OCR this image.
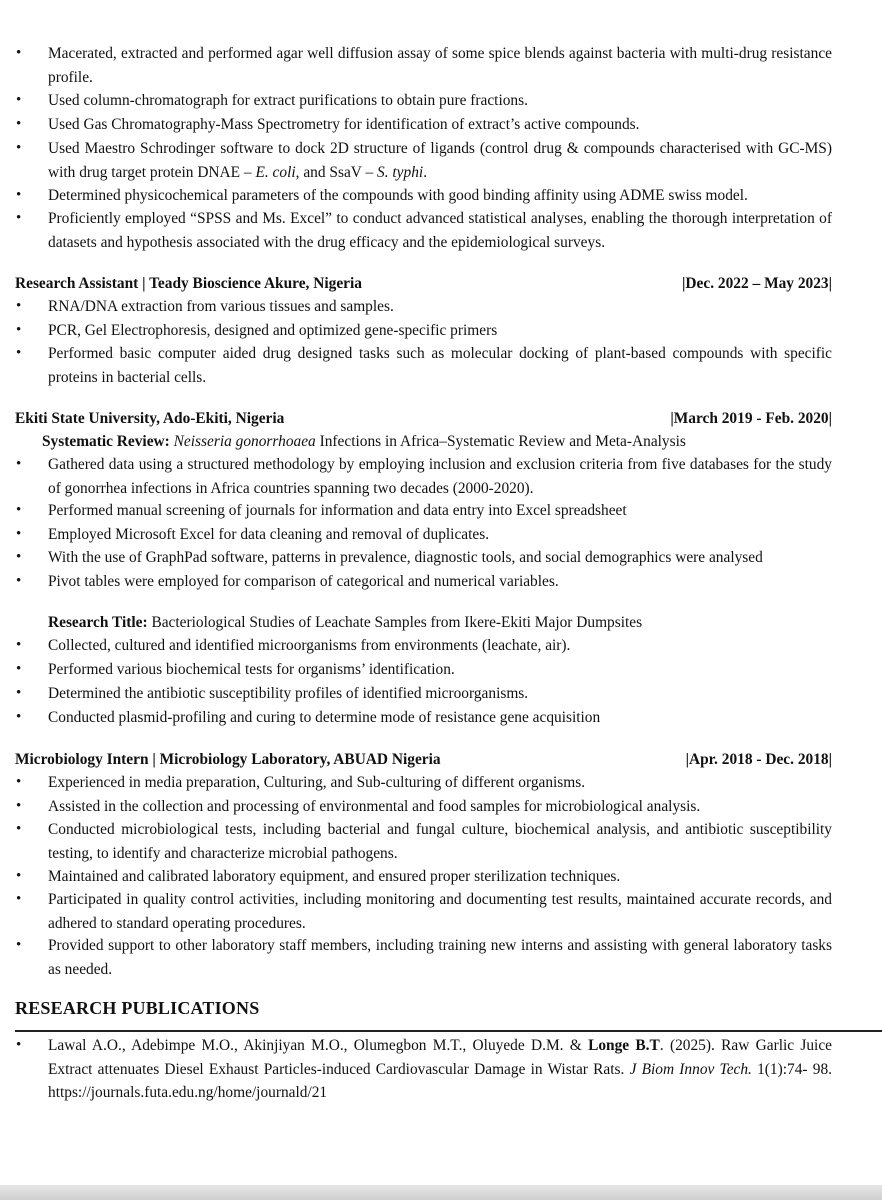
• Macerated, extracted and performed agar well diffusion assay of some spice blends against bacteria with multi-drug resistance profile.
• Used column-chromatograph for extract purifications to obtain pure fractions.
• Used Gas Chromatography-Mass Spectrometry for identification of extract’s active compounds.
• Used Maestro Schrodinger software to dock 2D structure of ligands (control drug & compounds characterised with GC-MS) with drug target protein DNAE – E. coli, and SsaV – S. typhi.
• Determined physicochemical parameters of the compounds with good binding affinity using ADME swiss model.
• Proficiently employed “SPSS and Ms. Excel” to conduct advanced statistical analyses, enabling the thorough interpretation of datasets and hypothesis associated with the drug efficacy and the epidemiological surveys.
Research Assistant | Teady Bioscience Akure, Nigeria	|Dec. 2022 – May 2023|
• RNA/DNA extraction from various tissues and samples.
• PCR, Gel Electrophoresis, designed and optimized gene-specific primers
• Performed basic computer aided drug designed tasks such as molecular docking of plant-based compounds with specific proteins in bacterial cells.
Ekiti State University, Ado-Ekiti, Nigeria	|March 2019 - Feb. 2020|
Systematic Review: Neisseria gonorrhoaea Infections in Africa–Systematic Review and Meta-Analysis
• Gathered data using a structured methodology by employing inclusion and exclusion criteria from five databases for the study of gonorrhea infections in Africa countries spanning two decades (2000-2020).
• Performed manual screening of journals for information and data entry into Excel spreadsheet
• Employed Microsoft Excel for data cleaning and removal of duplicates.
• With the use of GraphPad software, patterns in prevalence, diagnostic tools, and social demographics were analysed
• Pivot tables were employed for comparison of categorical and numerical variables.
Research Title: Bacteriological Studies of Leachate Samples from Ikere-Ekiti Major Dumpsites
• Collected, cultured and identified microorganisms from environments (leachate, air).
• Performed various biochemical tests for organisms’ identification.
• Determined the antibiotic susceptibility profiles of identified microorganisms.
• Conducted plasmid-profiling and curing to determine mode of resistance gene acquisition
Microbiology Intern | Microbiology Laboratory, ABUAD Nigeria	|Apr. 2018 - Dec. 2018|
• Experienced in media preparation, Culturing, and Sub-culturing of different organisms.
• Assisted in the collection and processing of environmental and food samples for microbiological analysis.
• Conducted microbiological tests, including bacterial and fungal culture, biochemical analysis, and antibiotic susceptibility testing, to identify and characterize microbial pathogens.
• Maintained and calibrated laboratory equipment, and ensured proper sterilization techniques.
• Participated in quality control activities, including monitoring and documenting test results, maintained accurate records, and adhered to standard operating procedures.
• Provided support to other laboratory staff members, including training new interns and assisting with general laboratory tasks as needed.
RESEARCH PUBLICATIONS
• Lawal A.O., Adebimpe M.O., Akinjiyan M.O., Olumegbon M.T., Oluyede D.M. & Longe B.T. (2025). Raw Garlic Juice Extract attenuates Diesel Exhaust Particles-induced Cardiovascular Damage in Wistar Rats. J Biom Innov Tech. 1(1):74- 98. https://journals.futa.edu.ng/home/journald/21
